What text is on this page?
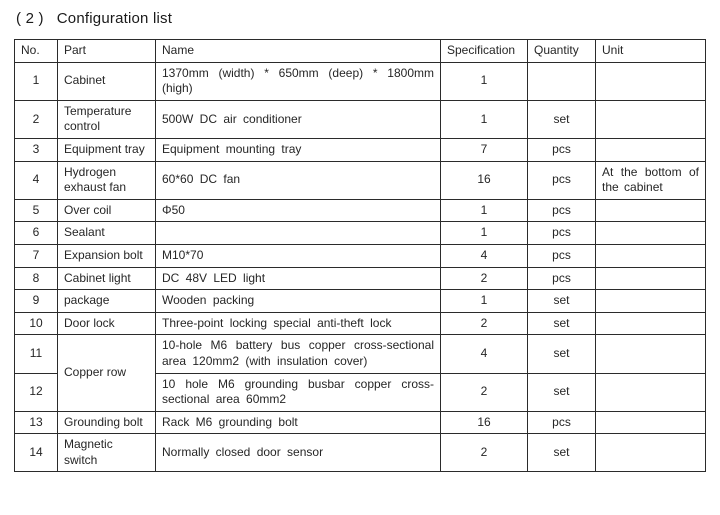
( 2 )   Configuration list
No.	Part	Name	Specification	Quantity	Unit
1	Cabinet	1370mm (width) * 650mm (deep) * 1800mm (high)	1		
2	Temperature control	500W DC air conditioner	1	set	
3	Equipment tray	Equipment mounting tray	7	pcs	
4	Hydrogen exhaust fan	60*60 DC fan	16	pcs	At the bottom of the cabinet
5	Over coil	Φ50	1	pcs	
6	Sealant		1	pcs	
7	Expansion bolt	M10*70	4	pcs	
8	Cabinet light	DC 48V LED light	2	pcs	
9	package	Wooden packing	1	set	
10	Door lock	Three-point locking special anti-theft lock	2	set	
11	Copper row	10-hole M6 battery bus copper cross-sectional area 120mm2 (with insulation cover)	4	set	
12		10 hole M6 grounding busbar copper cross-sectional area 60mm2	2	set	
13	Grounding bolt	Rack M6 grounding bolt	16	pcs	
14	Magnetic switch	Normally closed door sensor	2	set	
